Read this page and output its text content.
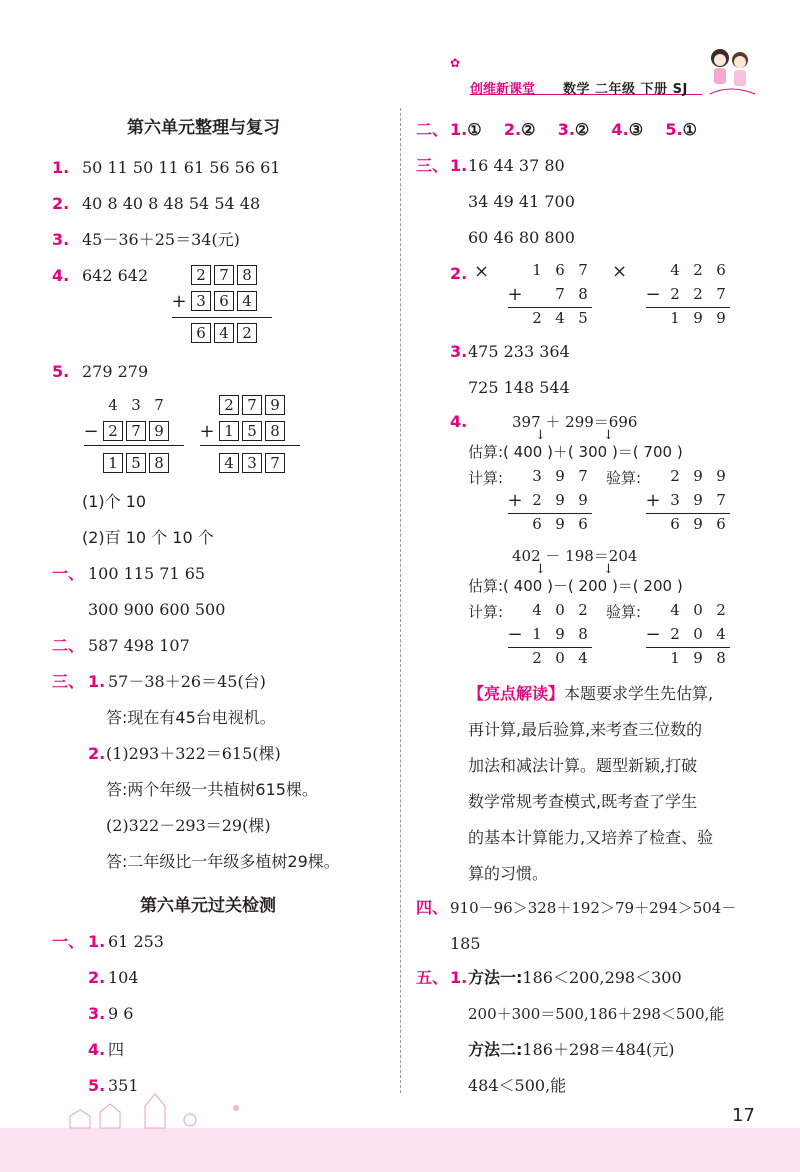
✿
创维新课堂 数学 二年级 下册 SJ
第六单元整理与复习
1. 50 11 50 11 61 56 56 61
2. 40 8 40 8 48 54 54 48
3. 45－36＋25＝34(元)
4. 642 642	2 7 8
+ 3 6 4
6 4 2
5. 279 279
4 3 7
− 2 7 9
1 5 8
2 7 9
+ 1 5 8
4 3 7
(1)个 10
(2)百 10 个 10 个
一、 100 115 71 65
300 900 600 500
二、 587 498 107
三、 1. 57－38＋26＝45(台)
答:现在有45台电视机。
2. (1)293＋322＝615(棵)
答:两个年级一共植树615棵。
(2)322－293＝29(棵)
答:二年级比一年级多植树29棵。
第六单元过关检测
一、 1. 61 253
2. 104
3. 9 6
4. 四
5. 351
二、 1.① 2.② 3.② 4.③ 5.①
三、 1. 16 44 37 80
34 49 41 700
60 46 80 800
2. ×	1 6 7
+	7 8
2 4 5
×	4 2 6
− 2 2 7
1 9 9
3. 475 233 364
725 148 544
4.	397 ＋ 299＝696
↓	↓
估算:( 400 )＋( 300 )＝( 700 )
计算:	验算:
3 9 7
+ 2 9 9
6 9 6
2 9 9
+ 3 9 7
6 9 6
402 － 198＝204
↓	↓
估算:( 400 )－( 200 )＝( 200 )
计算:	验算:
4 0 2
− 1 9 8
2 0 4
4 0 2
− 2 0 4
1 9 8
【亮点解读】本题要求学生先估算,
再计算,最后验算,来考查三位数的
加法和减法计算。题型新颖,打破
数学常规考查模式,既考查了学生
的基本计算能力,又培养了检查、验
算的习惯。
四、 910－96＞328＋192＞79＋294＞504－
185
五、 1. 方法一:186＜200,298＜300
200＋300＝500,186＋298＜500,能
方法二:186＋298＝484(元)
484＜500,能
17
